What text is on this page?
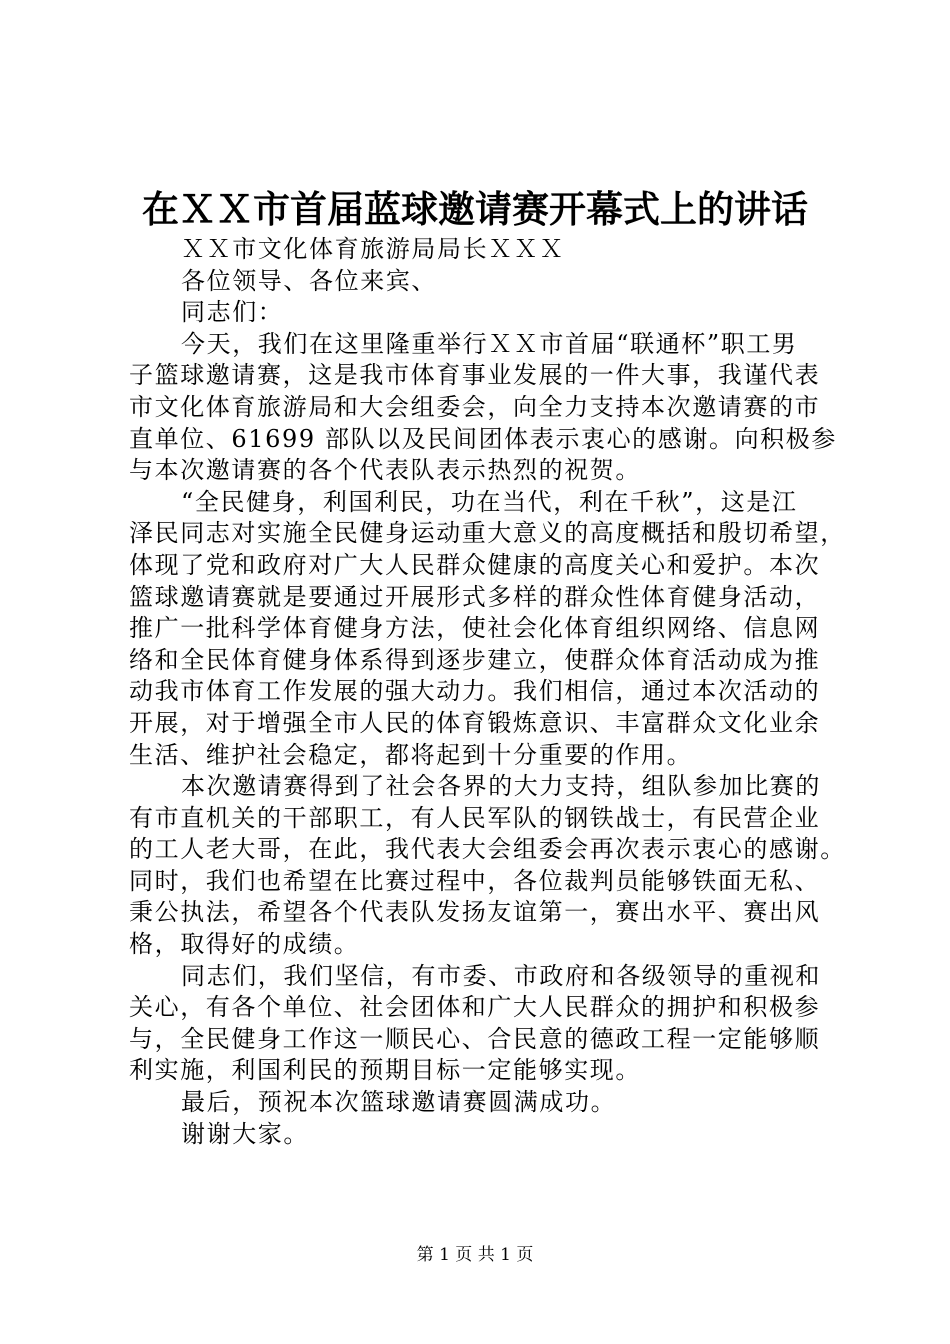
在ＸＸ市首届蓝球邀请赛开幕式上的讲话

ＸＸ市文化体育旅游局局长ＸＸＸ

各位领导、各位来宾、

同志们：

今天，我们在这里隆重举行ＸＸ市首届“联通杯”职工男

子篮球邀请赛，这是我市体育事业发展的一件大事，我谨代表

市文化体育旅游局和大会组委会，向全力支持本次邀请赛的市

直单位、61699 部队以及民间团体表示衷心的感谢。向积极参

与本次邀请赛的各个代表队表示热烈的祝贺。

“全民健身，利国利民，功在当代，利在千秋”，这是江

泽民同志对实施全民健身运动重大意义的高度概括和殷切希望，

体现了党和政府对广大人民群众健康的高度关心和爱护。本次

篮球邀请赛就是要通过开展形式多样的群众性体育健身活动，

推广一批科学体育健身方法，使社会化体育组织网络、信息网

络和全民体育健身体系得到逐步建立，使群众体育活动成为推

动我市体育工作发展的强大动力。我们相信，通过本次活动的

开展，对于增强全市人民的体育锻炼意识、丰富群众文化业余

生活、维护社会稳定，都将起到十分重要的作用。

本次邀请赛得到了社会各界的大力支持，组队参加比赛的

有市直机关的干部职工，有人民军队的钢铁战士，有民营企业

的工人老大哥，在此，我代表大会组委会再次表示衷心的感谢。

同时，我们也希望在比赛过程中，各位裁判员能够铁面无私、

秉公执法，希望各个代表队发扬友谊第一，赛出水平、赛出风

格，取得好的成绩。

同志们，我们坚信，有市委、市政府和各级领导的重视和

关心，有各个单位、社会团体和广大人民群众的拥护和积极参

与，全民健身工作这一顺民心、合民意的德政工程一定能够顺

利实施，利国利民的预期目标一定能够实现。

最后，预祝本次篮球邀请赛圆满成功。

谢谢大家。

第 1 页 共 1 页
